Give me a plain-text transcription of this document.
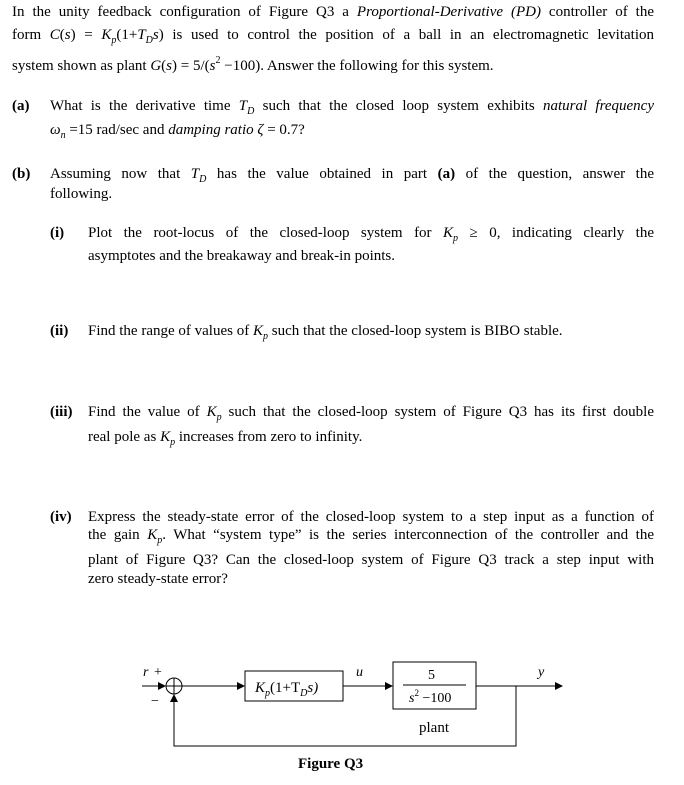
In the unity feedback configuration of Figure Q3 a Proportional-Derivative (PD) controller of the
form $C(s) = K_p(1+T_Ds)$ is used to control the position of a ball in an electromagnetic levitation
system shown as plant $G(s) = 5/(s^2 -100)$. Answer the following for this system.
(a) What is the derivative time $T_D$ such that the closed loop system exhibits natural frequency
$\omega_n =15$ rad/sec and damping ratio ζ = 0.7?
(b) Assuming now that $T_D$ has the value obtained in part (a) of the question, answer the
following.
(i) Plot the root-locus of the closed-loop system for $K_p \ge 0$, indicating clearly the
asymptotes and the breakaway and break-in points.
(ii) Find the range of values of $K_p$ such that the closed-loop system is BIBO stable.
(iii) Find the value of $K_p$ such that the closed-loop system of Figure Q3 has its first double
real pole as $K_p$ increases from zero to infinity.
(iv) Express the steady-state error of the closed-loop system to a step input as a function of
the gain $K_p$. What “system type” is the series interconnection of the controller and the
plant of Figure Q3? Can the closed-loop system of Figure Q3 track a step input with
zero steady-state error?
r +
−
$K_p(1+T_Ds)$
u	5
$s^2 -100$
y
plant
Figure Q3
